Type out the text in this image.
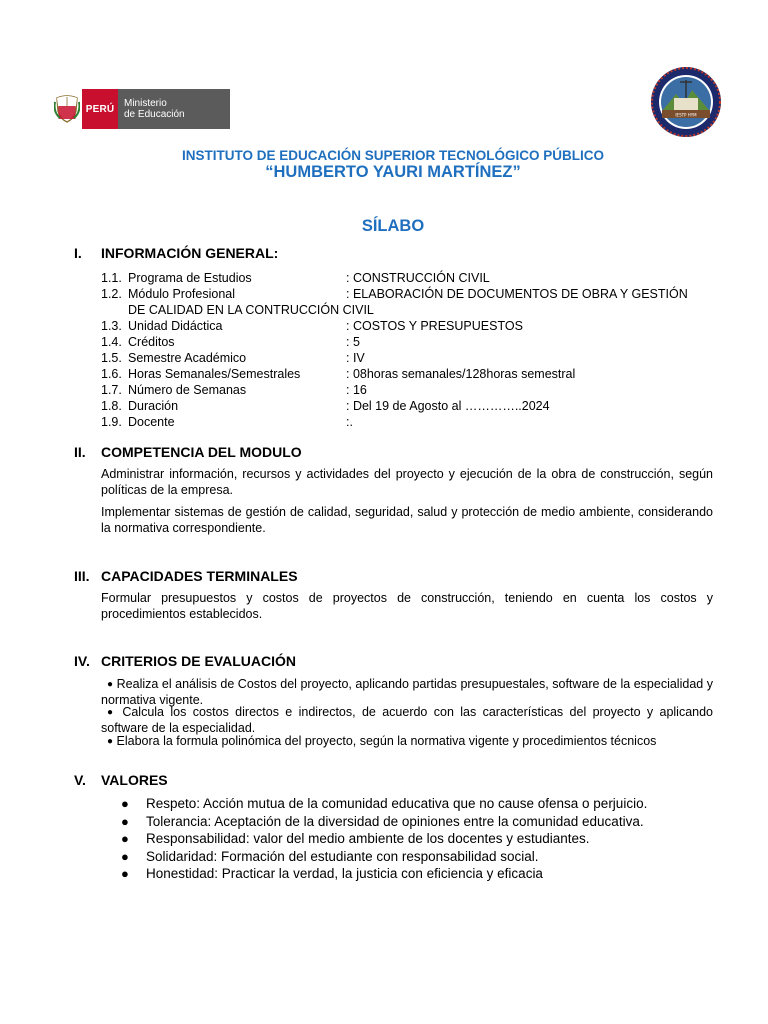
PERÚ Ministerio
de Educación	IESTP HYM
INSTITUTO DE EDUCACIÓN SUPERIOR TECNOLÓGICO PÚBLICO
“HUMBERTO YAURI MARTÍNEZ”
SÍLABO
I. INFORMACIÓN GENERAL:
1.1. Programa de Estudios	: CONSTRUCCIÓN CIVIL
1.2. Módulo Profesional	: ELABORACIÓN DE DOCUMENTOS DE OBRA Y GESTIÓN
DE CALIDAD EN LA CONTRUCCIÓN CIVIL
1.3. Unidad Didáctica	: COSTOS Y PRESUPUESTOS
1.4. Créditos	: 5
1.5. Semestre Académico	: IV
1.6. Horas Semanales/Semestrales	: 08horas semanales/128horas semestral
1.7. Número de Semanas	: 16
1.8. Duración	: Del 19 de Agosto al …………..2024
1.9. Docente	:.
II. COMPETENCIA DEL MODULO
Administrar información, recursos y actividades del proyecto y ejecución de la obra de construcción, según políticas de la empresa.
Implementar sistemas de gestión de calidad, seguridad, salud y protección de medio ambiente, considerando la normativa correspondiente.
III. CAPACIDADES TERMINALES
Formular presupuestos y costos de proyectos de construcción, teniendo en cuenta los costos y procedimientos establecidos.
IV. CRITERIOS DE EVALUACIÓN
● Realiza el análisis de Costos del proyecto, aplicando partidas presupuestales, software de la especialidad y normativa vigente.
● Calcula los costos directos e indirectos, de acuerdo con las características del proyecto y aplicando software de la especialidad.
● Elabora la formula polinómica del proyecto, según la normativa vigente y procedimientos técnicos
V. VALORES
● Respeto: Acción mutua de la comunidad educativa que no cause ofensa o perjuicio.
● Tolerancia: Aceptación de la diversidad de opiniones entre la comunidad educativa.
● Responsabilidad: valor del medio ambiente de los docentes y estudiantes.
● Solidaridad: Formación del estudiante con responsabilidad social.
● Honestidad: Practicar la verdad, la justicia con eficiencia y eficacia
